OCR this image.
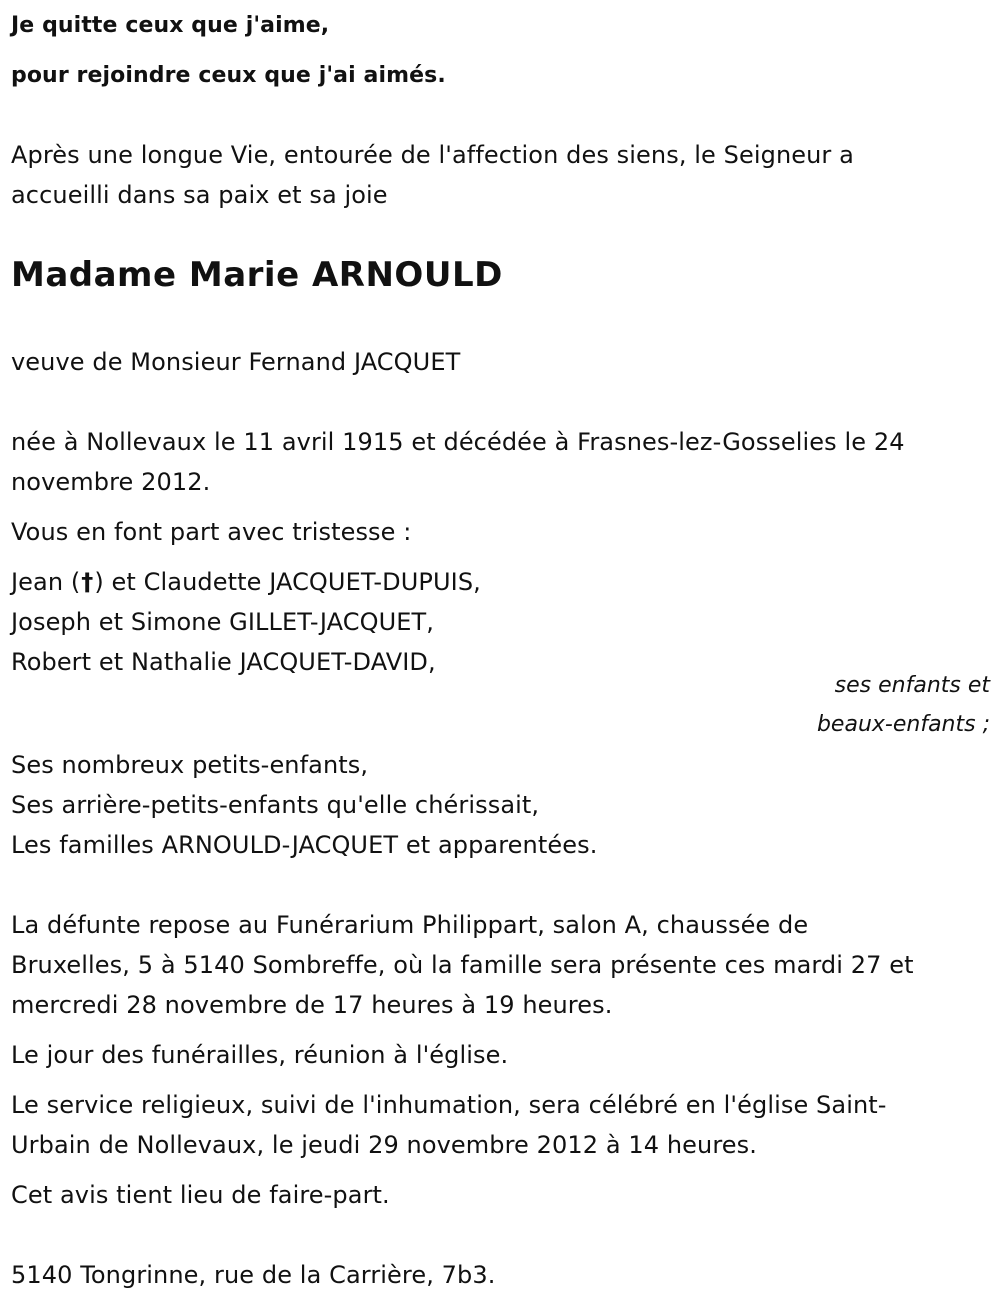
Je quitte ceux que j'aime,
pour rejoindre ceux que j'ai aimés.
Après une longue Vie, entourée de l'affection des siens, le Seigneur a
accueilli dans sa paix et sa joie
Madame Marie ARNOULD
veuve de Monsieur Fernand JACQUET
née à Nollevaux le 11 avril 1915 et décédée à Frasnes-lez-Gosselies le 24
novembre 2012.
Vous en font part avec tristesse :
Jean (†) et Claudette JACQUET-DUPUIS,
Joseph et Simone GILLET-JACQUET,
Robert et Nathalie JACQUET-DAVID,
ses enfants et
beaux-enfants ;
Ses nombreux petits-enfants,
Ses arrière-petits-enfants qu'elle chérissait,
Les familles ARNOULD-JACQUET et apparentées.
La défunte repose au Funérarium Philippart, salon A, chaussée de
Bruxelles, 5 à 5140 Sombreffe, où la famille sera présente ces mardi 27 et
mercredi 28 novembre de 17 heures à 19 heures.
Le jour des funérailles, réunion à l'église.
Le service religieux, suivi de l'inhumation, sera célébré en l'église Saint-
Urbain de Nollevaux, le jeudi 29 novembre 2012 à 14 heures.
Cet avis tient lieu de faire-part.
5140 Tongrinne, rue de la Carrière, 7b3.
